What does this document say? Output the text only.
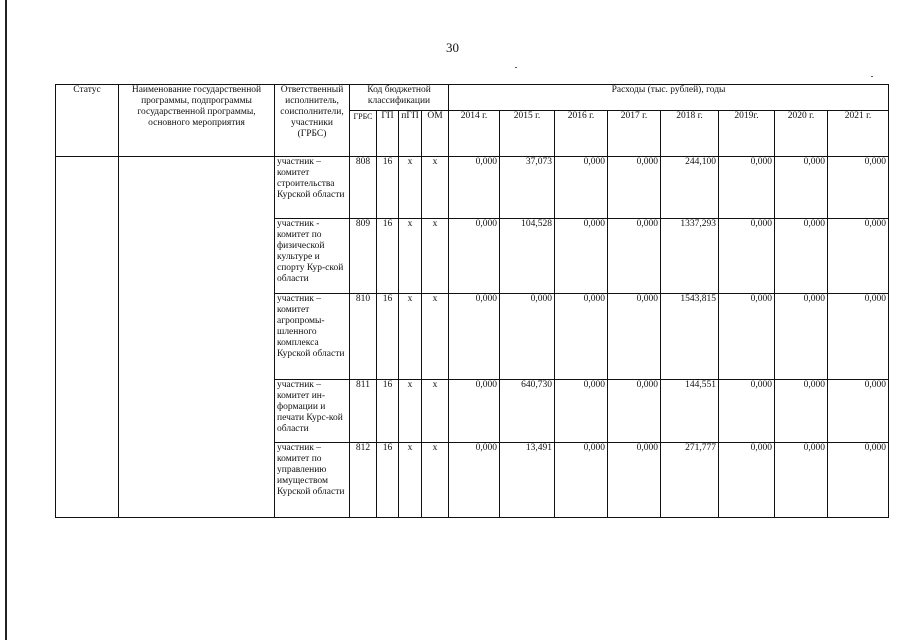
30
Статус	Наименование государственной программы, подпрограммы государственной программы, основного мероприятия	Ответственный исполнитель, соисполнители, участники (ГРБС)	Код бюджетной классификации				Расходы (тыс. рублей), годы							
			ГРБС	ГП	пГП	ОМ	2014 г.	2015 г.	2016 г.	2017 г.	2018 г.	2019г.	2020 г.	2021 г.
		участник – комитет строительства Курской области	808	16	х	х	0,000	37,073	0,000	0,000	244,100	0,000	0,000	0,000
		участник - комитет по физической культуре и спорту Кур-ской области	809	16	х	х	0,000	104,528	0,000	0,000	1337,293	0,000	0,000	0,000
		участник – комитет агропромы-шленного комплекса Курской области	810	16	х	х	0,000	0,000	0,000	0,000	1543,815	0,000	0,000	0,000
		участник – комитет ин-формации и печати Курс-кой области	811	16	х	х	0,000	640,730	0,000	0,000	144,551	0,000	0,000	0,000
		участник – комитет по управлению имуществом Курской области	812	16	х	х	0,000	13,491	0,000	0,000	271,777	0,000	0,000	0,000
